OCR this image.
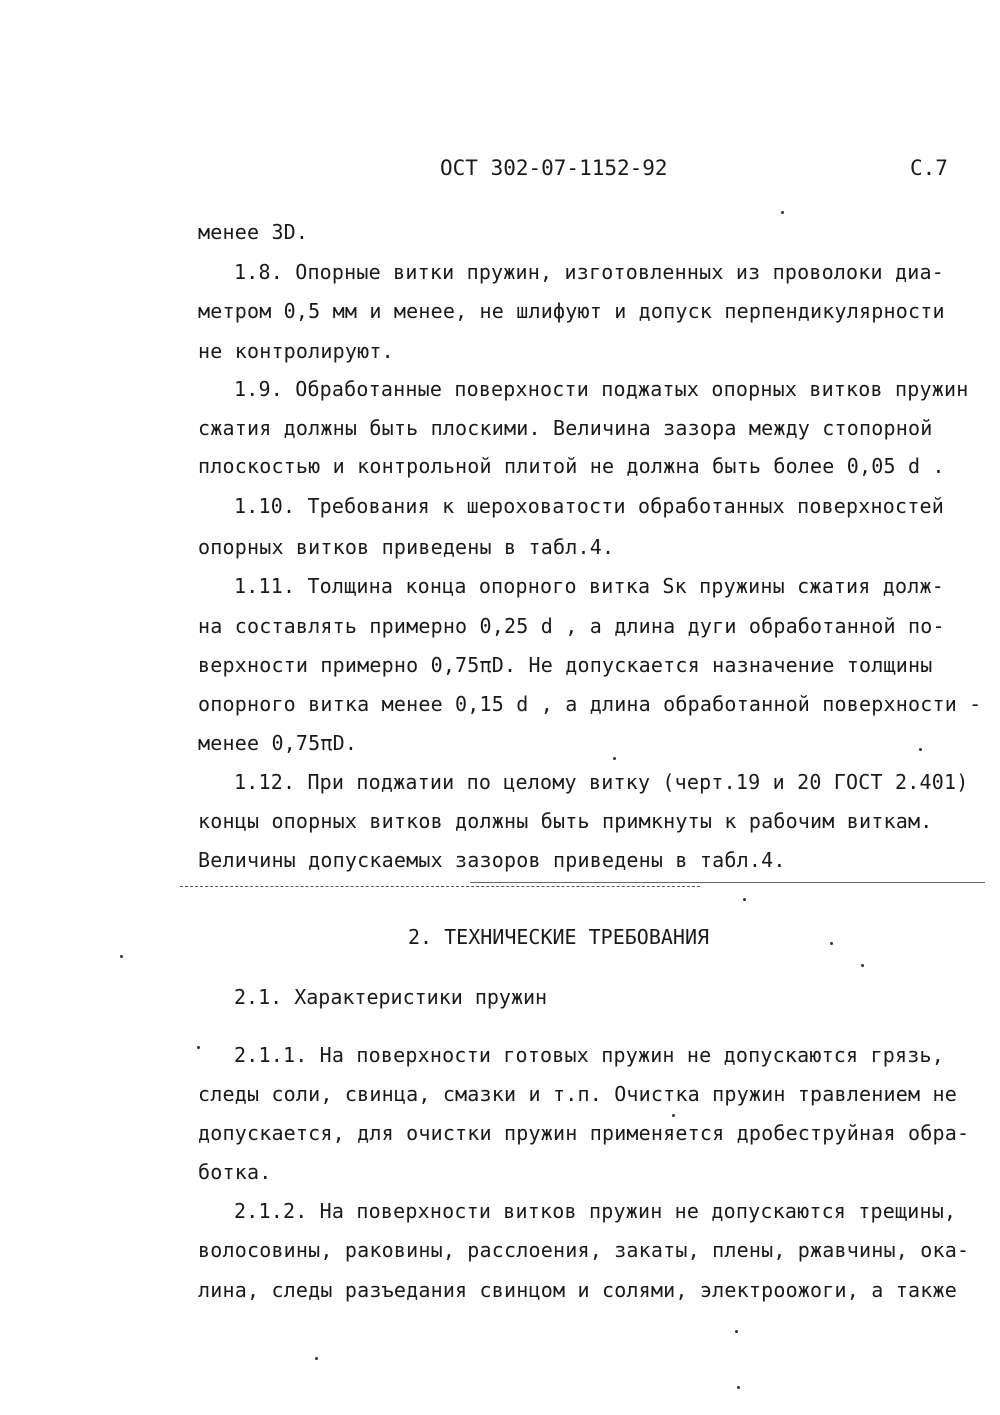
ОСТ 302-07-1152-92	С.7
менее 3D.
1.8. Опорные витки пружин, изготовленных из проволоки диа-
метром 0,5 мм и менее, не шлифуют и допуск перпендикулярности
не контролируют.
1.9. Обработанные поверхности поджатых опорных витков пружин
сжатия должны быть плоскими. Величина зазора между стопорной
плоскостью и контрольной плитой не должна быть более 0,05 d .
1.10. Требования к шероховатости обработанных поверхностей
опорных витков приведены в табл.4.
1.11. Толщина конца опорного витка Sк пружины сжатия долж-
на составлять примерно 0,25 d , а длина дуги обработанной по-
верхности примерно 0,75πD. Не допускается назначение толщины
опорного витка менее 0,15 d , а длина обработанной поверхности -
менее 0,75πD.
1.12. При поджатии по целому витку (черт.19 и 20 ГОСТ 2.401)
концы опорных витков должны быть примкнуты к рабочим виткам.
Величины допускаемых зазоров приведены в табл.4.
2. ТЕХНИЧЕСКИЕ ТРЕБОВАНИЯ
2.1. Характеристики пружин
2.1.1. На поверхности готовых пружин не допускаются грязь,
следы соли, свинца, смазки и т.п. Очистка пружин травлением не
допускается, для очистки пружин применяется дробеструйная обра-
ботка.
2.1.2. На поверхности витков пружин не допускаются трещины,
волосовины, раковины, расслоения, закаты, плены, ржавчины, ока-
лина, следы разъедания свинцом и солями, электроожоги, а также
